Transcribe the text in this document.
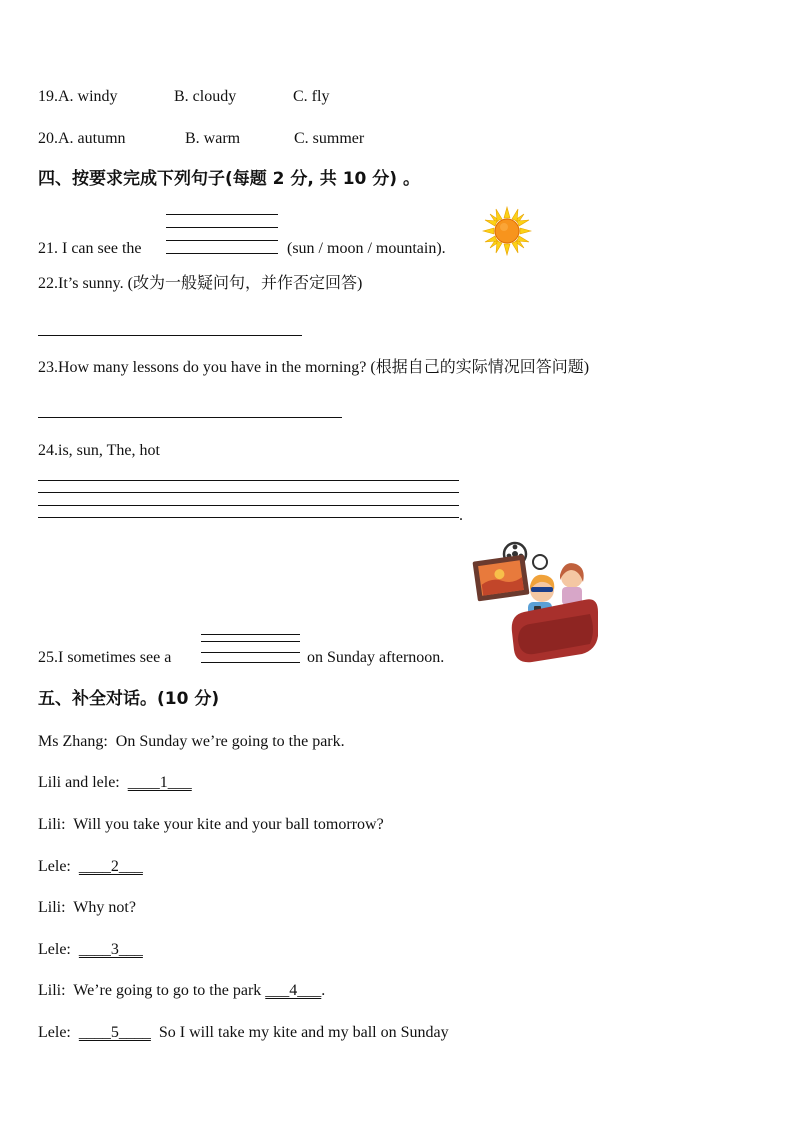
19.A. windy	B. cloudy	C. fly
20.A. autumn	B. warm	C. summer
四、按要求完成下列句子(每题 2 分, 共 10 分) 。
21. I can see the	(sun / moon / mountain).
22.It’s sunny. (改为一般疑问句，并作否定回答)
23.How many lessons do you have in the morning? (根据自己的实际情况回答问题)
24.is, sun, The, hot
.
25.I sometimes see a	on Sunday afternoon.
五、补全对话。(10 分)
Ms Zhang: On Sunday we’re going to the park.
Lili and lele: ____1___
Lili: Will you take your kite and your ball tomorrow?
Lele: ____2___
Lili: Why not?
Lele: ____3___
Lili: We’re going to go to the park ___4___.
Lele: ____5____ So I will take my kite and my ball on Sunday
